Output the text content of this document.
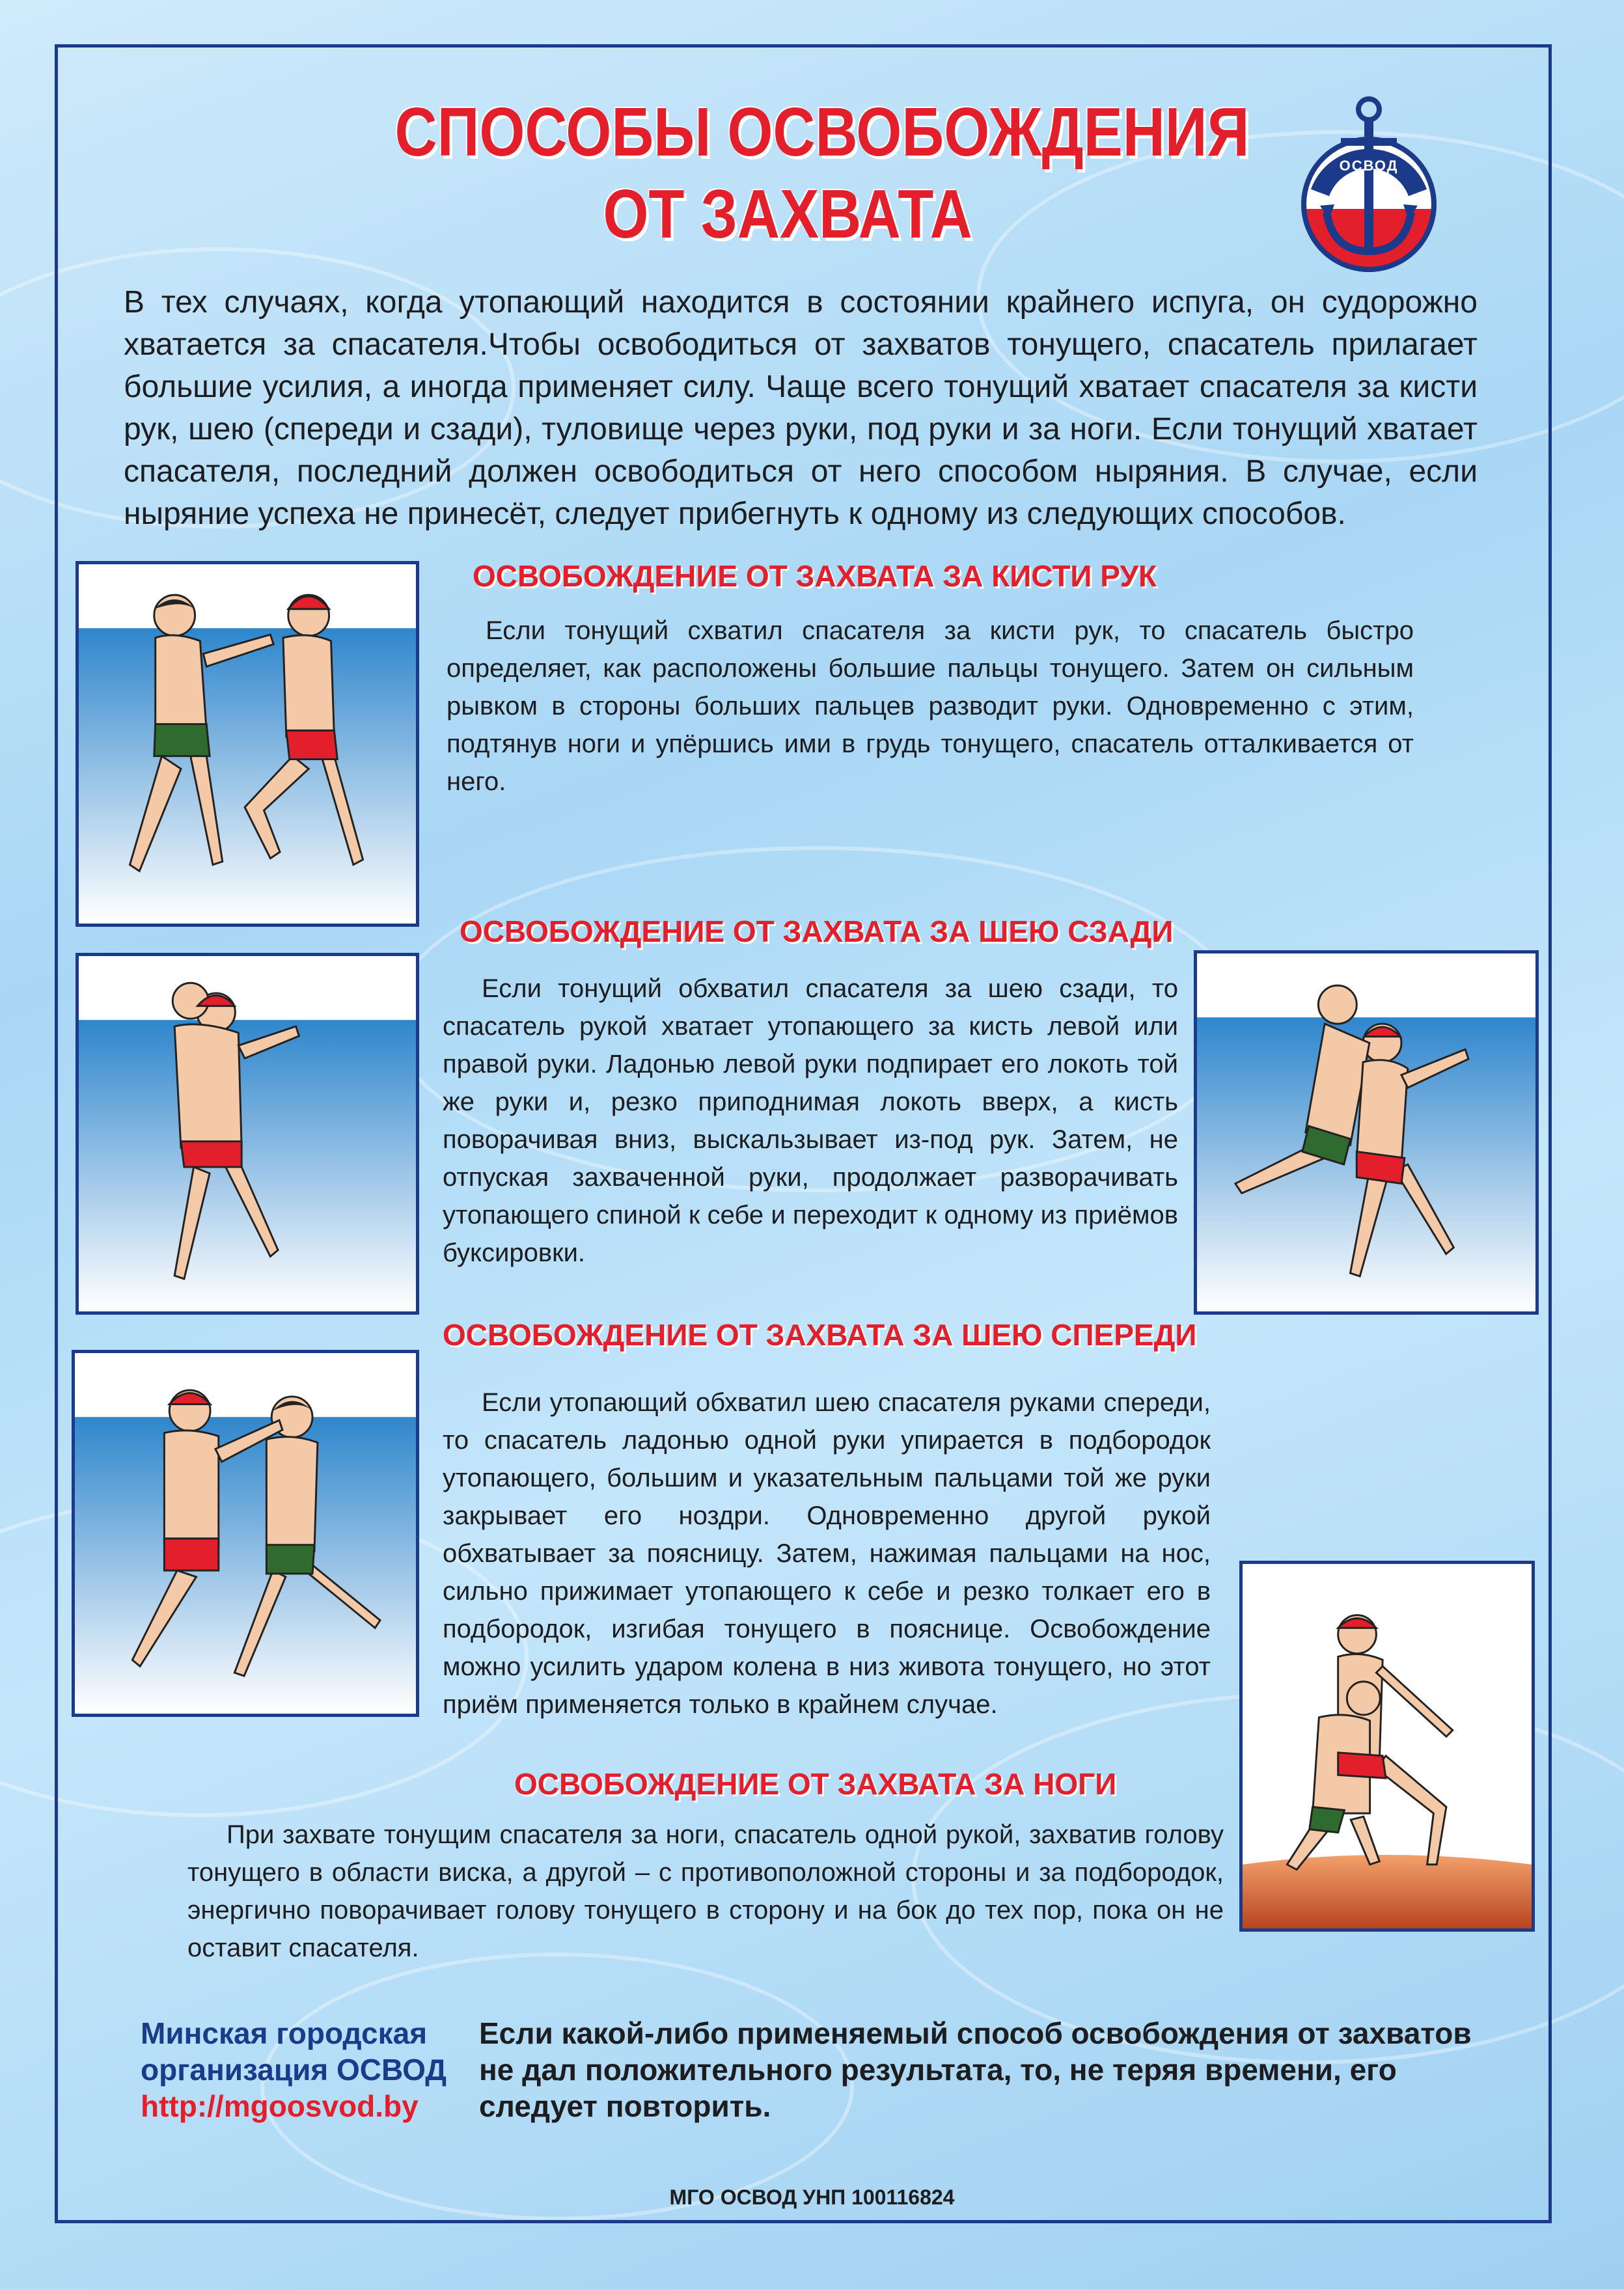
ОСВОД
СПОСОБЫ ОСВОБОЖДЕНИЯ
ОТ ЗАХВАТА
В тех случаях, когда утопающий находится в состоянии крайнего испуга, он судорожно хватается за спасателя.Чтобы освободиться от захватов тонущего, спасатель прилагает большие усилия, а иногда применяет силу. Чаще всего тонущий хватает спасателя за кисти рук, шею (спереди и сзади), туловище через руки, под руки и за ноги. Если тонущий хватает спасателя, последний должен освободиться от него способом ныряния. В случае, если ныряние успеха не принесёт, следует прибегнуть к одному из следующих способов.
ОСВОБОЖДЕНИЕ ОТ ЗАХВАТА ЗА КИСТИ РУК
Если тонущий схватил спасателя за кисти рук, то спасатель быстро определяет, как расположены большие пальцы тонущего. Затем он сильным рывком в стороны больших пальцев разводит руки. Одновременно с этим, подтянув ноги и упёршись ими в грудь тонущего, спасатель отталкивается от него.
ОСВОБОЖДЕНИЕ ОТ ЗАХВАТА ЗА ШЕЮ СЗАДИ
Если тонущий обхватил спасателя за шею сзади, то спасатель рукой хватает утопающего за кисть левой или правой руки. Ладонью левой руки подпирает его локоть той же руки и, резко приподнимая локоть вверх, а кисть поворачивая вниз, выскальзывает из-под рук. Затем, не отпуская захваченной руки, продолжает разворачивать утопающего спиной к себе и переходит к одному из приёмов буксировки.
ОСВОБОЖДЕНИЕ ОТ ЗАХВАТА ЗА ШЕЮ СПЕРЕДИ
Если утопающий обхватил шею спасателя руками спереди, то спасатель ладонью одной руки упирается в подбородок утопающего, большим и указательным пальцами той же руки закрывает его ноздри. Одновременно другой рукой обхватывает за поясницу. Затем, нажимая пальцами на нос, сильно прижимает утопающего к себе и резко толкает его в подбородок, изгибая тонущего в пояснице. Освобождение можно усилить ударом колена в низ живота тонущего, но этот приём применяется только в крайнем случае.
ОСВОБОЖДЕНИЕ ОТ ЗАХВАТА ЗА НОГИ
При захвате тонущим спасателя за ноги, спасатель одной рукой, захватив голову тонущего в области виска, а другой – с противоположной стороны и за подбородок, энергично поворачивает голову тонущего в сторону и на бок до тех пор, пока он не оставит спасателя.
Минская городская
организация ОСВОД
http://mgoosvod.by
Если какой-либо применяемый способ освобождения от захватов не дал положительного результата, то, не теряя времени, его следует повторить.
МГО ОСВОД УНП 100116824
